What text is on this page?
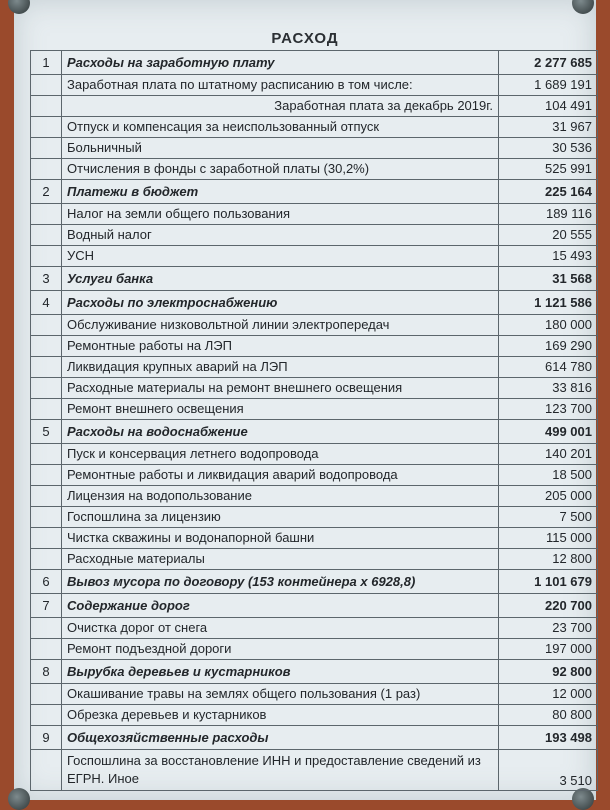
РАСХОД
1	Расходы на заработную плату	2 277 685
	Заработная плата по штатному расписанию в том числе:	1 689 191
	Заработная плата за декабрь 2019г.	104 491
	Отпуск и компенсация за неиспользованный отпуск	31 967
	Больничный	30 536
	Отчисления в фонды с заработной платы (30,2%)	525 991
2	Платежи в бюджет	225 164
	Налог на земли общего пользования	189 116
	Водный налог	20 555
	УСН	15 493
3	Услуги банка	31 568
4	Расходы по электроснабжению	1 121 586
	Обслуживание низковольтной линии электропередач	180 000
	Ремонтные работы на ЛЭП	169 290
	Ликвидация крупных аварий на ЛЭП	614 780
	Расходные материалы на ремонт внешнего освещения	33 816
	Ремонт внешнего освещения	123 700
5	Расходы на водоснабжение	499 001
	Пуск и консервация летнего водопровода	140 201
	Ремонтные работы и ликвидация аварий водопровода	18 500
	Лицензия на водопользование	205 000
	Госпошлина за лицензию	7 500
	Чистка скважины и водонапорной башни	115 000
	Расходные материалы	12 800
6	Вывоз мусора по договору (153 контейнера х 6928,8)	1 101 679
7	Содержание дорог	220 700
	Очистка дорог от снега	23 700
	Ремонт подъездной дороги	197 000
8	Вырубка деревьев и кустарников	92 800
	Окашивание травы на землях общего пользования (1 раз)	12 000
	Обрезка деревьев и кустарников	80 800
9	Общехозяйственные расходы	193 498
	Госпошлина за восстановление ИНН и предоставление сведений из ЕГРН. Иное	3 510
